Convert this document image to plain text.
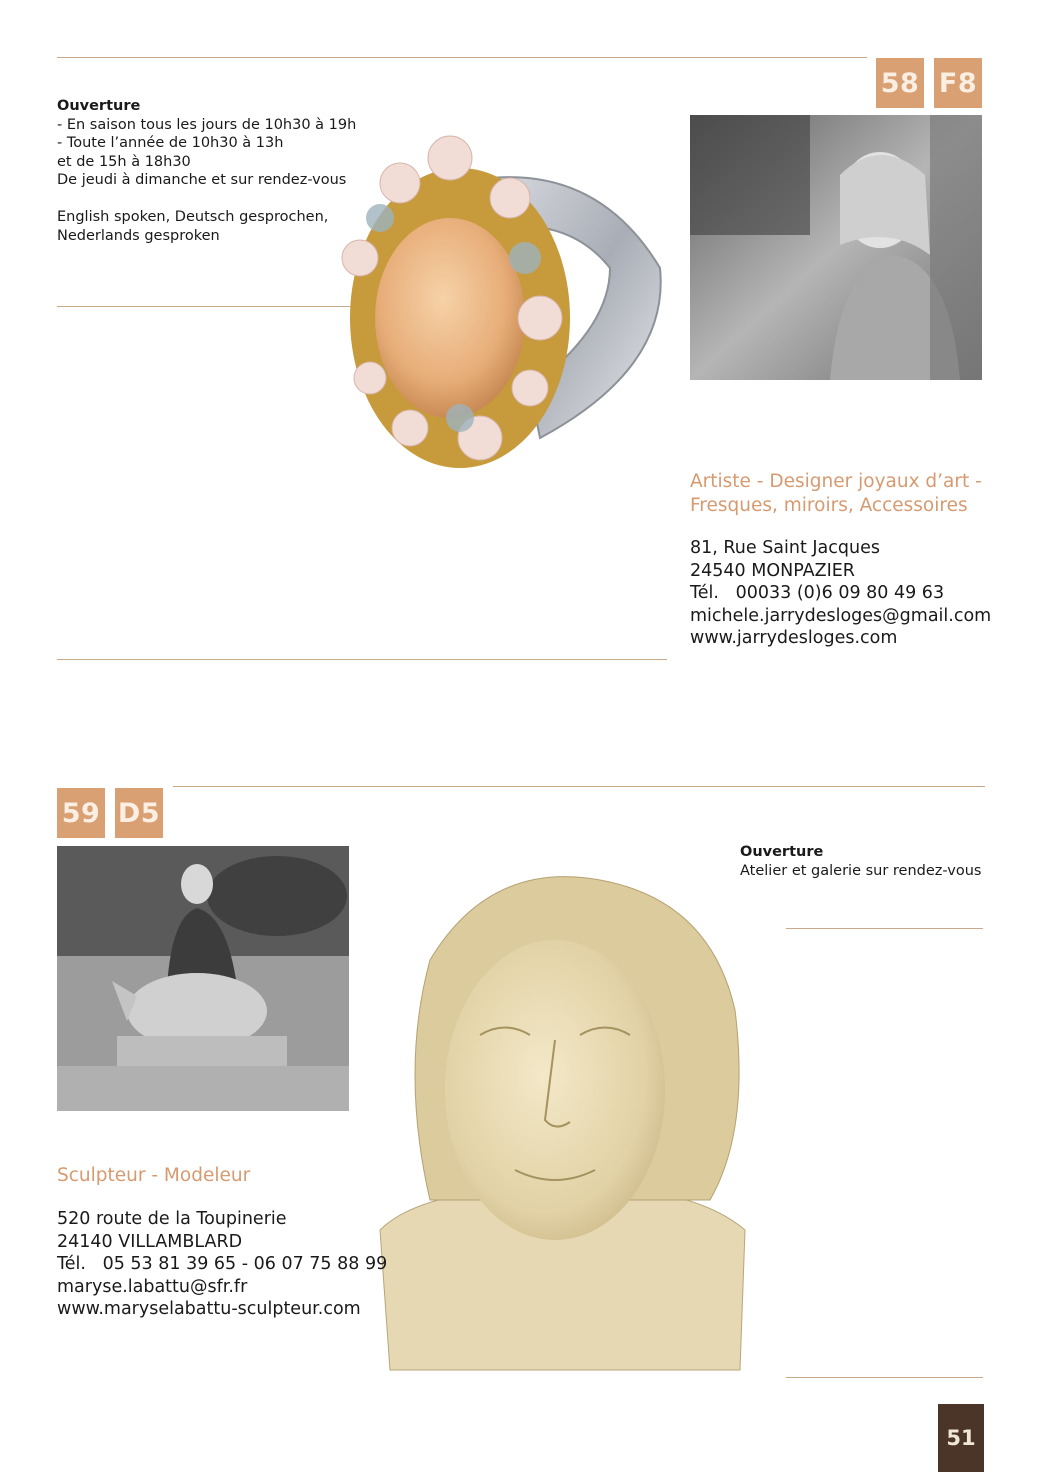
58 F8
Ouverture
- En saison tous les jours de 10h30 à 19h
- Toute l’année de 10h30 à 13h
et de 15h à 18h30
De jeudi à dimanche et sur rendez-vous
English spoken, Deutsch gesprochen,
Nederlands gesproken
Artiste - Designer joyaux d’art -
Fresques, miroirs, Accessoires
81, Rue Saint Jacques
24540 MONPAZIER
Tél.   00033 (0)6 09 80 49 63
michele.jarrydesloges@gmail.com
www.jarrydesloges.com
59 D5
Ouverture
Atelier et galerie sur rendez-vous
Sculpteur - Modeleur
520 route de la Toupinerie
24140 VILLAMBLARD
Tél.   05 53 81 39 65 - 06 07 75 88 99
maryse.labattu@sfr.fr
www.maryselabattu-sculpteur.com
51
